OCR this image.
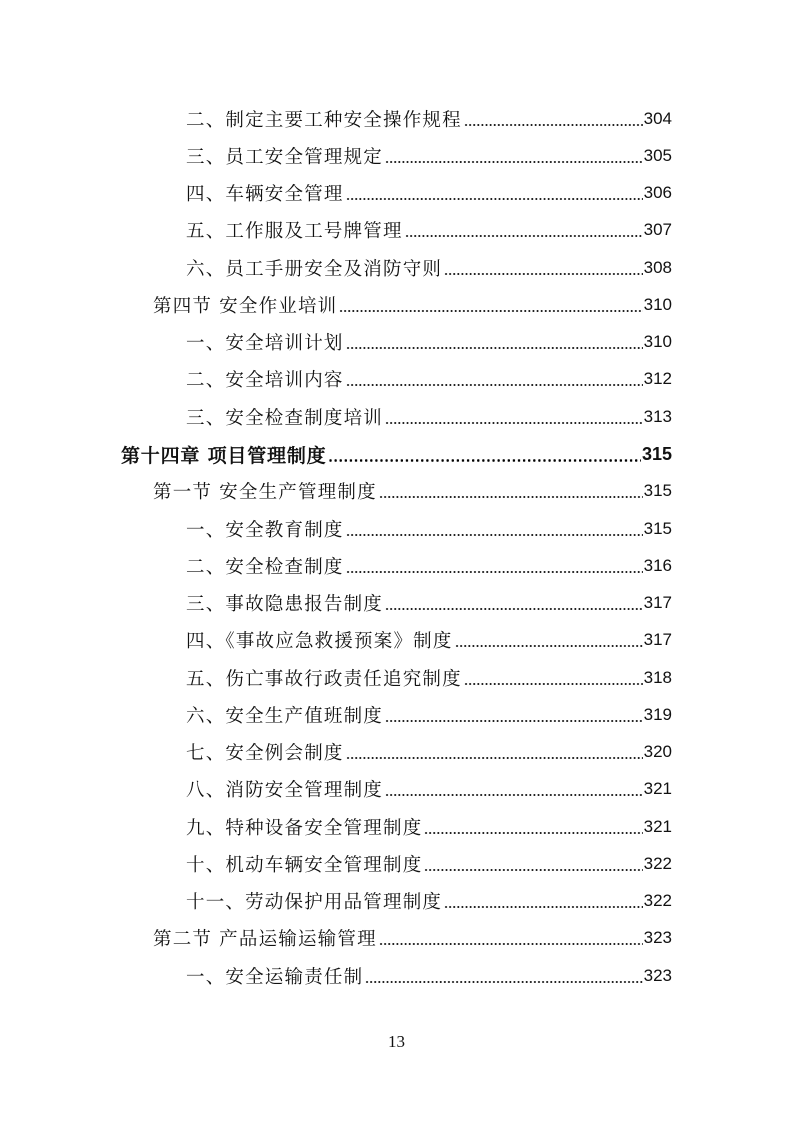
二、制定主要工种安全操作规程	304
三、员工安全管理规定	305
四、车辆安全管理	306
五、工作服及工号牌管理	307
六、员工手册安全及消防守则	308
第四节 安全作业培训	310
一、安全培训计划	310
二、安全培训内容	312
三、安全检查制度培训	313
第十四章 项目管理制度	315
第一节 安全生产管理制度	315
一、安全教育制度	315
二、安全检查制度	316
三、事故隐患报告制度	317
四、《事故应急救援预案》制度	317
五、伤亡事故行政责任追究制度	318
六、安全生产值班制度	319
七、安全例会制度	320
八、消防安全管理制度	321
九、特种设备安全管理制度	321
十、机动车辆安全管理制度	322
十一、劳动保护用品管理制度	322
第二节 产品运输运输管理	323
一、安全运输责任制	323
13
